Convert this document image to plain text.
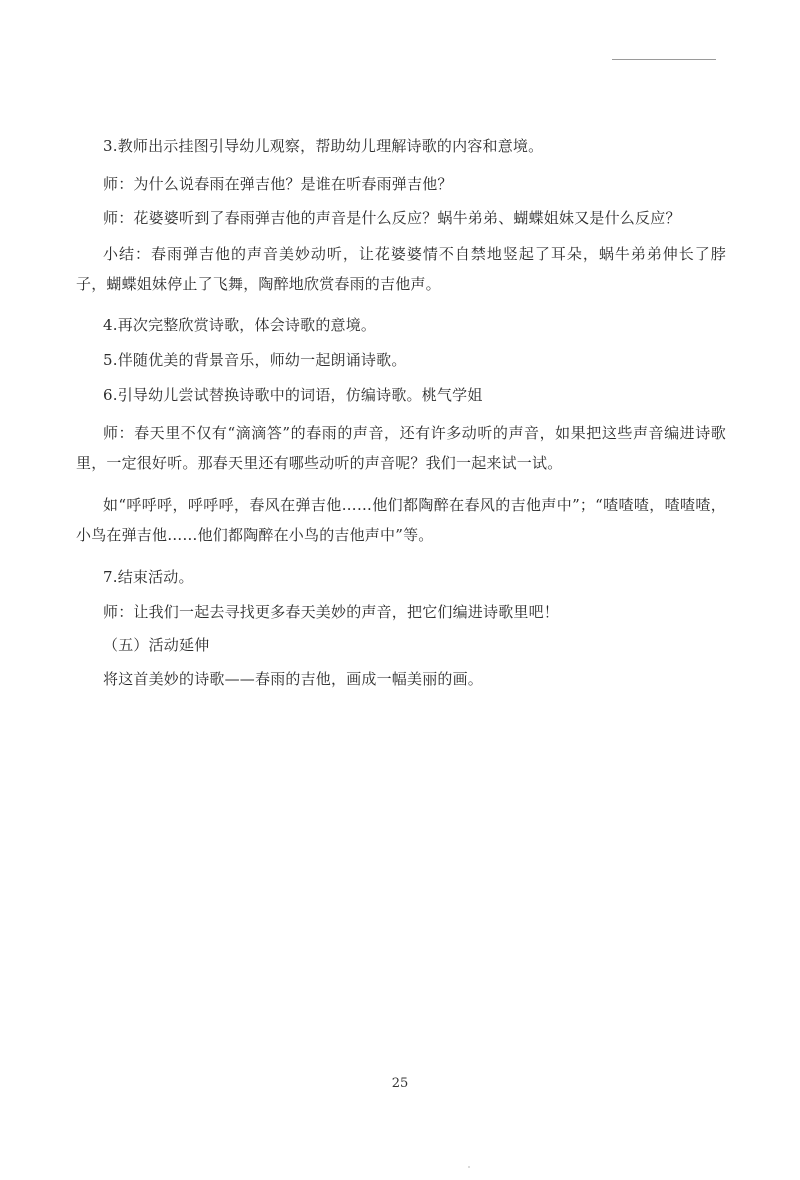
3.教师出示挂图引导幼儿观察，帮助幼儿理解诗歌的内容和意境。
师：为什么说春雨在弹吉他？是谁在听春雨弹吉他？
师：花婆婆听到了春雨弹吉他的声音是什么反应？蜗牛弟弟、蝴蝶姐妹又是什么反应？
小结：春雨弹吉他的声音美妙动听，让花婆婆情不自禁地竖起了耳朵，蜗牛弟弟伸长了脖子，蝴蝶姐妹停止了飞舞，陶醉地欣赏春雨的吉他声。
4.再次完整欣赏诗歌，体会诗歌的意境。
5.伴随优美的背景音乐，师幼一起朗诵诗歌。
6.引导幼儿尝试替换诗歌中的词语，仿编诗歌。桃气学姐
师：春天里不仅有“滴滴答”的春雨的声音，还有许多动听的声音，如果把这些声音编进诗歌里，一定很好听。那春天里还有哪些动听的声音呢？我们一起来试一试。
如“呼呼呼，呼呼呼，春风在弹吉他……他们都陶醉在春风的吉他声中”；“喳喳喳，喳喳喳，小鸟在弹吉他……他们都陶醉在小鸟的吉他声中”等。
7.结束活动。
师：让我们一起去寻找更多春天美妙的声音，把它们编进诗歌里吧！
（五）活动延伸
将这首美妙的诗歌——春雨的吉他，画成一幅美丽的画。
25
